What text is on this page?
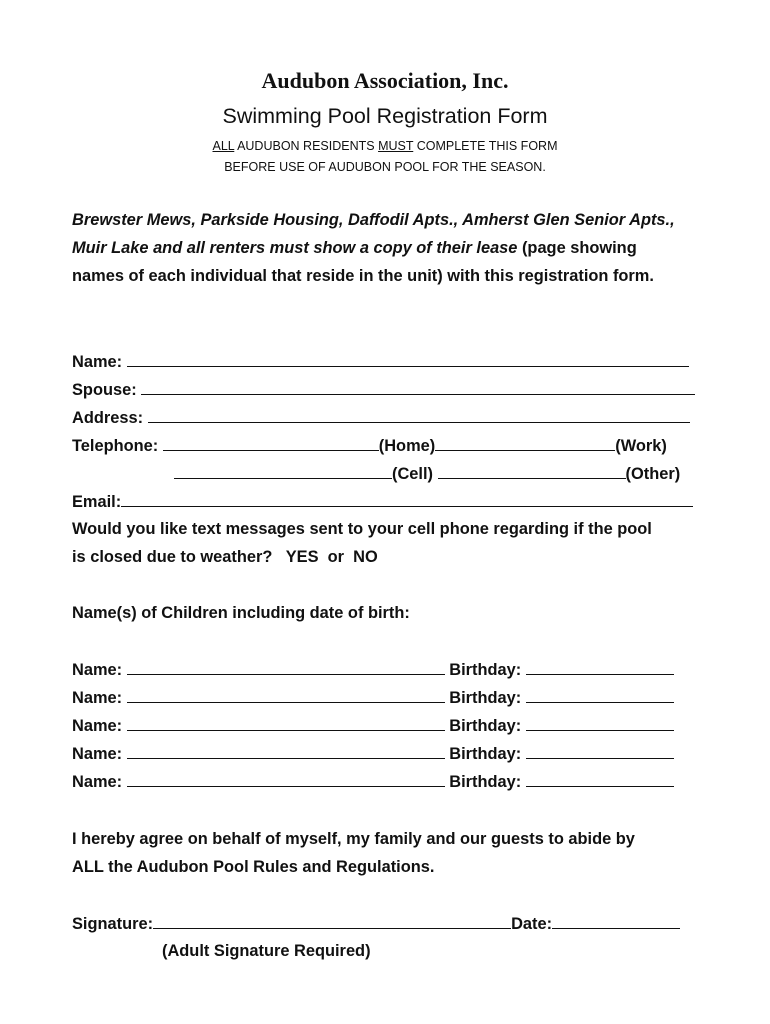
Audubon Association, Inc.
Swimming Pool Registration Form
ALL AUDUBON RESIDENTS MUST COMPLETE THIS FORM
BEFORE USE OF AUDUBON POOL FOR THE SEASON.
Brewster Mews, Parkside Housing, Daffodil Apts., Amherst Glen Senior Apts., Muir Lake and all renters must show a copy of their lease (page showing names of each individual that reside in the unit) with this registration form.
Name:
Spouse:
Address:
Telephone:	(Home)	(Work)
(Cell)	(Other)
Email:
Would you like text messages sent to your cell phone regarding if the pool
is closed due to weather?   YES  or  NO
Name(s) of Children including date of birth:
Name:	Birthday:
Name:	Birthday:
Name:	Birthday:
Name:	Birthday:
Name:	Birthday:
I hereby agree on behalf of myself, my family and our guests to abide by
ALL the Audubon Pool Rules and Regulations.
Signature:	Date:
(Adult Signature Required)
